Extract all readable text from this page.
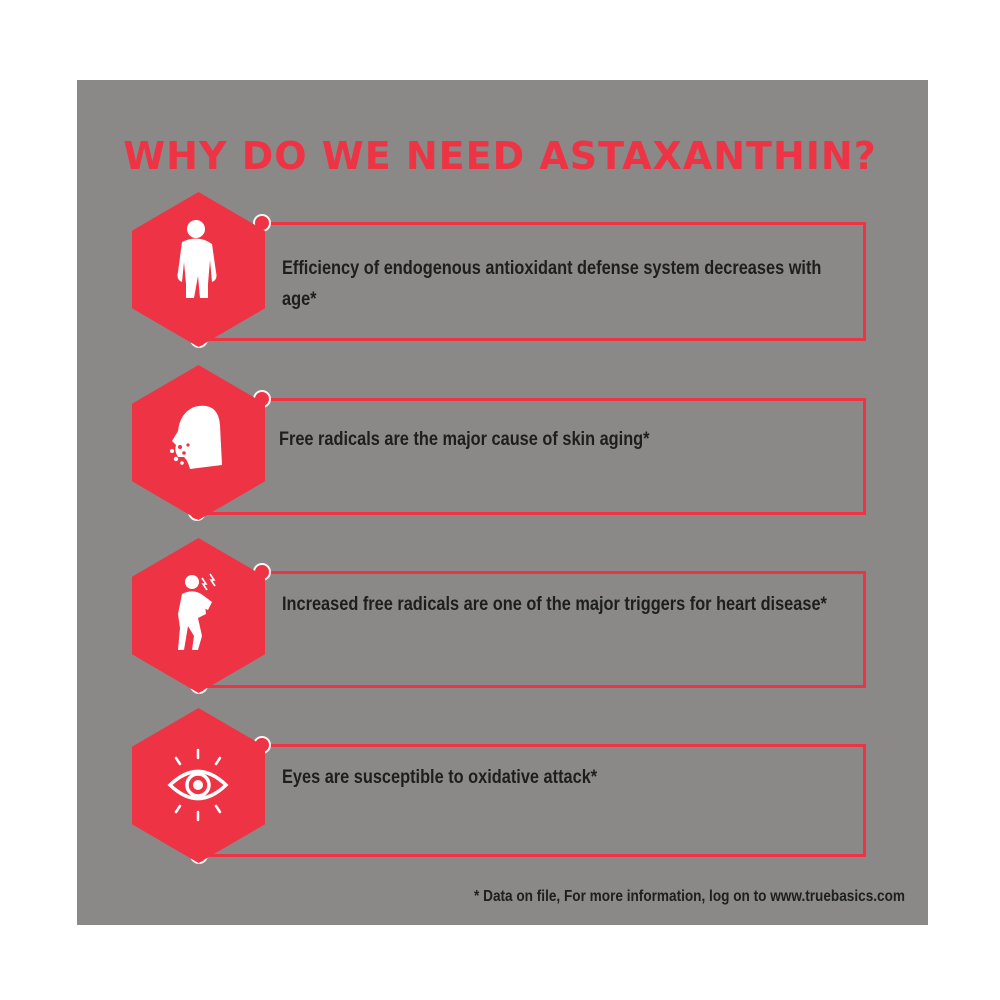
WHY DO WE NEED ASTAXANTHIN?
Efficiency of endogenous antioxidant defense system decreases with age*
Free radicals are the major cause of skin aging*
Increased free radicals are one of the major triggers for heart disease*
Eyes are susceptible to oxidative attack*
* Data on file, For more information, log on to www.truebasics.com
